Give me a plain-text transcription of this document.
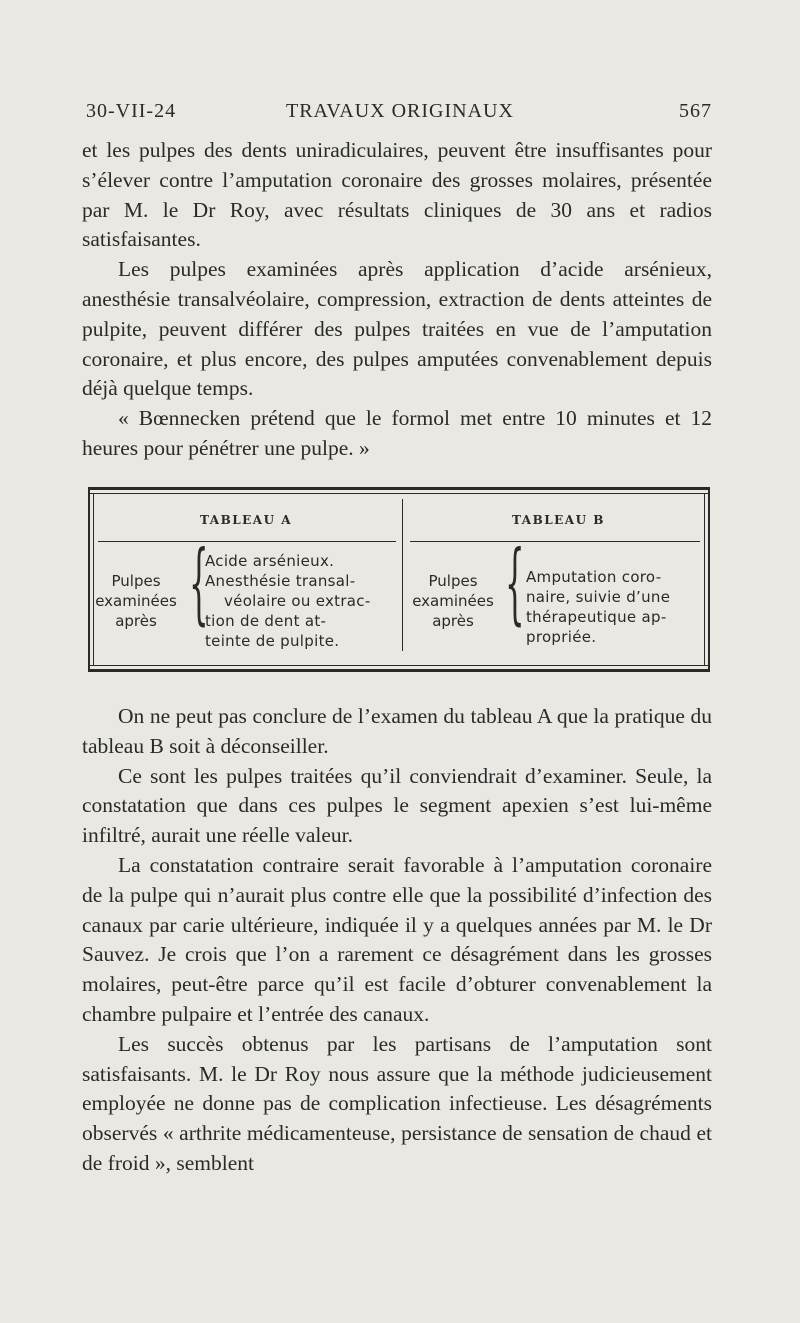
30-VII-24	TRAVAUX ORIGINAUX	567

et les pulpes des dents uniradiculaires, peuvent être insuffisantes pour s’élever contre l’amputation coronaire des grosses molaires, présentée par M. le Dr Roy, avec résultats cliniques de 30 ans et radios satisfaisantes.

Les pulpes examinées après application d’acide arsénieux, anesthésie transalvéolaire, compression, extraction de dents atteintes de pulpite, peuvent différer des pulpes traitées en vue de l’amputation coronaire, et plus encore, des pulpes amputées convenablement depuis déjà quelque temps.

« Bœnnecken prétend que le formol met entre 10 minutes et 12 heures pour pénétrer une pulpe. »

TABLEAU A	TABLEAU B
Pulpes
examinées
après {
Acide arsénieux.
Anesthésie transal-
véolaire ou extrac-
tion de dent at-
teinte de pulpite.
Pulpes
examinées
après { Amputation coro-
naire, suivie d’une
thérapeutique ap-
propriée.

On ne peut pas conclure de l’examen du tableau A que la pratique du tableau B soit à déconseiller.

Ce sont les pulpes traitées qu’il conviendrait d’examiner. Seule, la constatation que dans ces pulpes le segment apexien s’est lui-même infiltré, aurait une réelle valeur.

La constatation contraire serait favorable à l’amputation coronaire de la pulpe qui n’aurait plus contre elle que la possibilité d’infection des canaux par carie ultérieure, indiquée il y a quelques années par M. le Dr Sauvez. Je crois que l’on a rarement ce désagrément dans les grosses molaires, peut-être parce qu’il est facile d’obturer convenablement la chambre pulpaire et l’entrée des canaux.

Les succès obtenus par les partisans de l’amputation sont satisfaisants. M. le Dr Roy nous assure que la méthode judicieusement employée ne donne pas de complication infectieuse. Les désagréments observés « arthrite médicamenteuse, persistance de sensation de chaud et de froid », semblent
